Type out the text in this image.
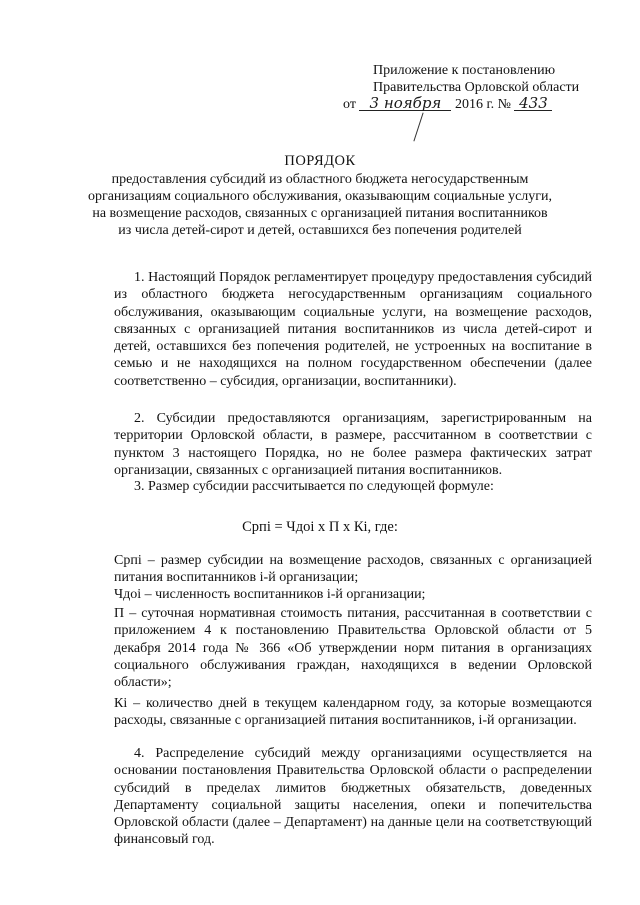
Приложение к постановлению
Правительства Орловской области
от 3 ноября 2016 г. № 433
ПОРЯДОК
предоставления субсидий из областного бюджета негосударственным
организациям социального обслуживания, оказывающим социальные услуги,
на возмещение расходов, связанных с организацией питания воспитанников
из числа детей-сирот и детей, оставшихся без попечения родителей
1. Настоящий Порядок регламентирует процедуру предоставления субсидий из областного бюджета негосударственным организациям социального обслуживания, оказывающим социальные услуги, на возмещение расходов, связанных с организацией питания воспитанников из числа детей-сирот и детей, оставшихся без попечения родителей, не устроенных на воспитание в семью и не находящихся на полном государственном обеспечении (далее соответственно – субсидия, организации, воспитанники).
2. Субсидии предоставляются организациям, зарегистрированным на территории Орловской области, в размере, рассчитанном в соответствии с пунктом 3 настоящего Порядка, но не более размера фактических затрат организации, связанных с организацией питания воспитанников.
3. Размер субсидии рассчитывается по следующей формуле:
Српі = Чдоі х П х Кі, где:
Српі – размер субсидии на возмещение расходов, связанных с организацией питания воспитанников і-й организации;
Чдоі – численность воспитанников і-й организации;
П – суточная нормативная стоимость питания, рассчитанная в соответствии с приложением 4 к постановлению Правительства Орловской области от 5 декабря 2014 года № 366 «Об утверждении норм питания в организациях социального обслуживания граждан, находящихся в ведении Орловской области»;
Кі – количество дней в текущем календарном году, за которые возмещаются расходы, связанные с организацией питания воспитанников, і-й организации.
4. Распределение субсидий между организациями осуществляется на основании постановления Правительства Орловской области о распределении субсидий в пределах лимитов бюджетных обязательств, доведенных Департаменту социальной защиты населения, опеки и попечительства Орловской области (далее – Департамент) на данные цели на соответствующий финансовый год.
